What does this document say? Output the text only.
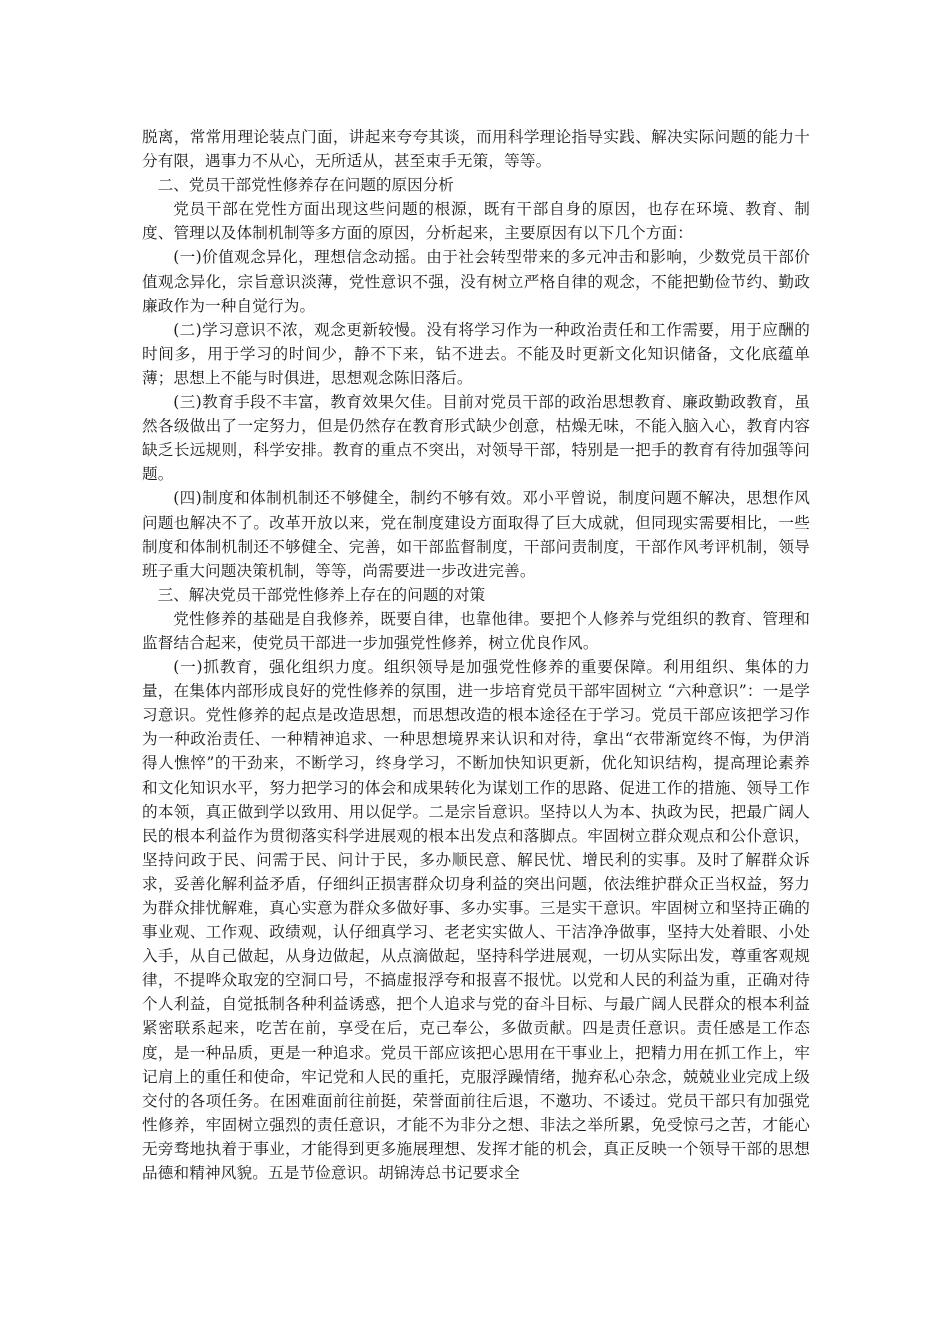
脱离，常常用理论装点门面，讲起来夸夸其谈，而用科学理论指导实践、解决实际问题的能力十分有限，遇事力不从心，无所适从，甚至束手无策，等等。

二、党员干部党性修养存在问题的原因分析

党员干部在党性方面出现这些问题的根源，既有干部自身的原因，也存在环境、教育、制度、管理以及体制机制等多方面的原因，分析起来，主要原因有以下几个方面：

(一)价值观念异化，理想信念动摇。由于社会转型带来的多元冲击和影响，少数党员干部价值观念异化，宗旨意识淡薄，党性意识不强，没有树立严格自律的观念，不能把勤俭节约、勤政廉政作为一种自觉行为。

(二)学习意识不浓，观念更新较慢。没有将学习作为一种政治责任和工作需要，用于应酬的时间多，用于学习的时间少，静不下来，钻不进去。不能及时更新文化知识储备，文化底蕴单薄；思想上不能与时俱进，思想观念陈旧落后。

(三)教育手段不丰富，教育效果欠佳。目前对党员干部的政治思想教育、廉政勤政教育，虽然各级做出了一定努力，但是仍然存在教育形式缺少创意，枯燥无味，不能入脑入心，教育内容缺乏长远规则，科学安排。教育的重点不突出，对领导干部，特别是一把手的教育有待加强等问题。

(四)制度和体制机制还不够健全，制约不够有效。邓小平曾说，制度问题不解决，思想作风问题也解决不了。改革开放以来，党在制度建设方面取得了巨大成就，但同现实需要相比，一些制度和体制机制还不够健全、完善，如干部监督制度，干部问责制度，干部作风考评机制，领导班子重大问题决策机制，等等，尚需要进一步改进完善。

三、解决党员干部党性修养上存在的问题的对策

党性修养的基础是自我修养，既要自律，也靠他律。要把个人修养与党组织的教育、管理和监督结合起来，使党员干部进一步加强党性修养，树立优良作风。

(一)抓教育，强化组织力度。组织领导是加强党性修养的重要保障。利用组织、集体的力量，在集体内部形成良好的党性修养的氛围，进一步培育党员干部牢固树立 “六种意识”：一是学习意识。党性修养的起点是改造思想，而思想改造的根本途径在于学习。党员干部应该把学习作为一种政治责任、一种精神追求、一种思想境界来认识和对待，拿出“衣带渐宽终不悔，为伊消得人憔悴”的干劲来，不断学习，终身学习，不断加快知识更新，优化知识结构，提高理论素养和文化知识水平，努力把学习的体会和成果转化为谋划工作的思路、促进工作的措施、领导工作的本领，真正做到学以致用、用以促学。二是宗旨意识。坚持以人为本、执政为民，把最广阔人民的根本利益作为贯彻落实科学进展观的根本出发点和落脚点。牢固树立群众观点和公仆意识，坚持问政于民、问需于民、问计于民，多办顺民意、解民忧、增民利的实事。及时了解群众诉求，妥善化解利益矛盾，仔细纠正损害群众切身利益的突出问题，依法维护群众正当权益，努力为群众排忧解难，真心实意为群众多做好事、多办实事。三是实干意识。牢固树立和坚持正确的事业观、工作观、政绩观，认仔细真学习、老老实实做人、干洁净净做事，坚持大处着眼、小处入手，从自己做起，从身边做起，从点滴做起，坚持科学进展观，一切从实际出发，尊重客观规律，不提哗众取宠的空洞口号，不搞虚报浮夸和报喜不报忧。以党和人民的利益为重，正确对待个人利益，自觉抵制各种利益诱惑，把个人追求与党的奋斗目标、与最广阔人民群众的根本利益紧密联系起来，吃苦在前，享受在后，克己奉公，多做贡献。四是责任意识。责任感是工作态度，是一种品质，更是一种追求。党员干部应该把心思用在干事业上，把精力用在抓工作上，牢记肩上的重任和使命，牢记党和人民的重托，克服浮躁情绪，抛弃私心杂念，兢兢业业完成上级交付的各项任务。在困难面前往前挺，荣誉面前往后退，不邀功、不诿过。党员干部只有加强党性修养，牢固树立强烈的责任意识，才能不为非分之想、非法之举所累，免受惊弓之苦，才能心无旁骛地执着于事业，才能得到更多施展理想、发挥才能的机会，真正反映一个领导干部的思想品德和精神风貌。五是节俭意识。胡锦涛总书记要求全
